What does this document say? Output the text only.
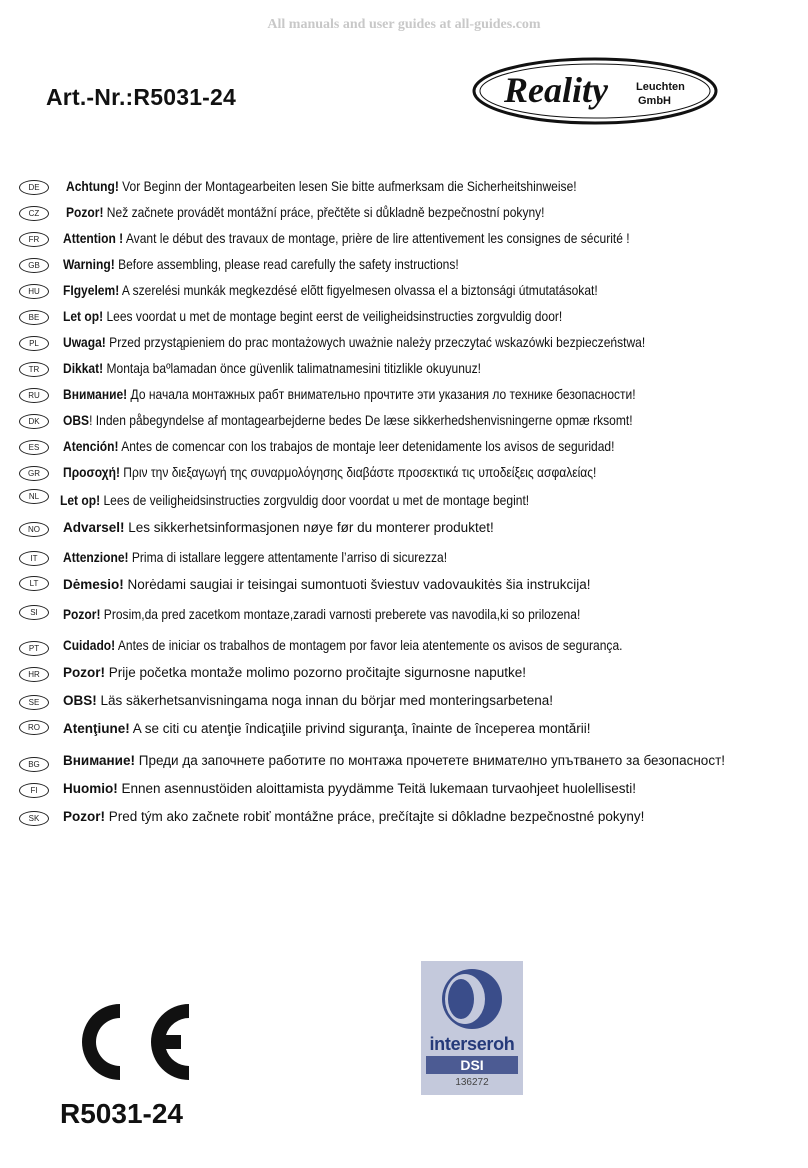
All manuals and user guides at all-guides.com
Art.-Nr.:R5031-24	Reality	Leuchten
GmbH
DE	Achtung! Vor Beginn der Montagearbeiten lesen Sie bitte aufmerksam die Sicherheitshinweise!
CZ	Pozor! Než začnete provádět montážní práce, přečtěte si důkladně bezpečnostní pokyny!
FR	Attention ! Avant le début des travaux de montage, prière de lire attentivement les consignes de sécurité !
GB	Warning! Before assembling, please read carefully the safety instructions!
HU	FIgyelem! A szerelési munkák megkezdésé elõtt figyelmesen olvassa el a biztonsági útmutatásokat!
BE	Let op! Lees voordat u met de montage begint eerst de veiligheidsinstructies zorgvuldig door!
PL	Uwaga! Przed przystąpieniem do prac montażowych uważnie należy przeczytać wskazówki bezpieczeństwa!
TR	Dikkat! Montaja baºlamadan önce güvenlik talimatnamesini titizlikle okuyunuz!
RU	Внимание! До начала монтажных рабт внимательно прочтите эти указания ло технике безопасности!
DK	OBS! Inden påbegyndelse af montagearbejderne bedes De læse sikkerhedshenvisningerne opmæ rksomt!
ES	Atención! Antes de comencar con los trabajos de montaje leer detenidamente los avisos de seguridad!
GR	Προσοχή! Πριν την διεξαγωγή της συναρμολόγησης διαβάστε προσεκτικά τις υποδείξεις ασφαλείας!
NL	Let op! Lees de veiligheidsinstructies zorgvuldig door voordat u met de montage begint!
NO	Advarsel! Les sikkerhetsinformasjonen nøye før du monterer produktet!
IT	Attenzione! Prima di istallare leggere attentamente l’arriso di sicurezza!
LT	Dėmesio! Norėdami saugiai ir teisingai sumontuoti šviestuv vadovaukitės šia instrukcija!
SI	Pozor! Prosim,da pred zacetkom montaze,zaradi varnosti preberete vas navodila,ki so prilozena!
PT	Cuidado! Antes de iniciar os trabalhos de montagem por favor leia atentemente os avisos de segurança.
HR	Pozor! Prije početka montaže molimo pozorno pročitajte sigurnosne naputke!
SE	OBS! Läs säkerhetsanvisningama noga innan du börjar med monteringsarbetena!
RO	Atenţiune! A se citi cu atenţie îndicaţiile privind siguranţa, înainte de începerea montării!
BG	Внимание! Преди да започнете работите по монтажа прочетете внимателно упътването за безопасност!
FI	Huomio! Ennen asennustöiden aloittamista pyydämme Teitä lukemaan turvaohjeet huolellisesti!
SK	Pozor! Pred tým ako začnete robiť montážne práce, prečítajte si dôkladne bezpečnostné pokyny!
R5031-24
interseroh
DSI
136272
